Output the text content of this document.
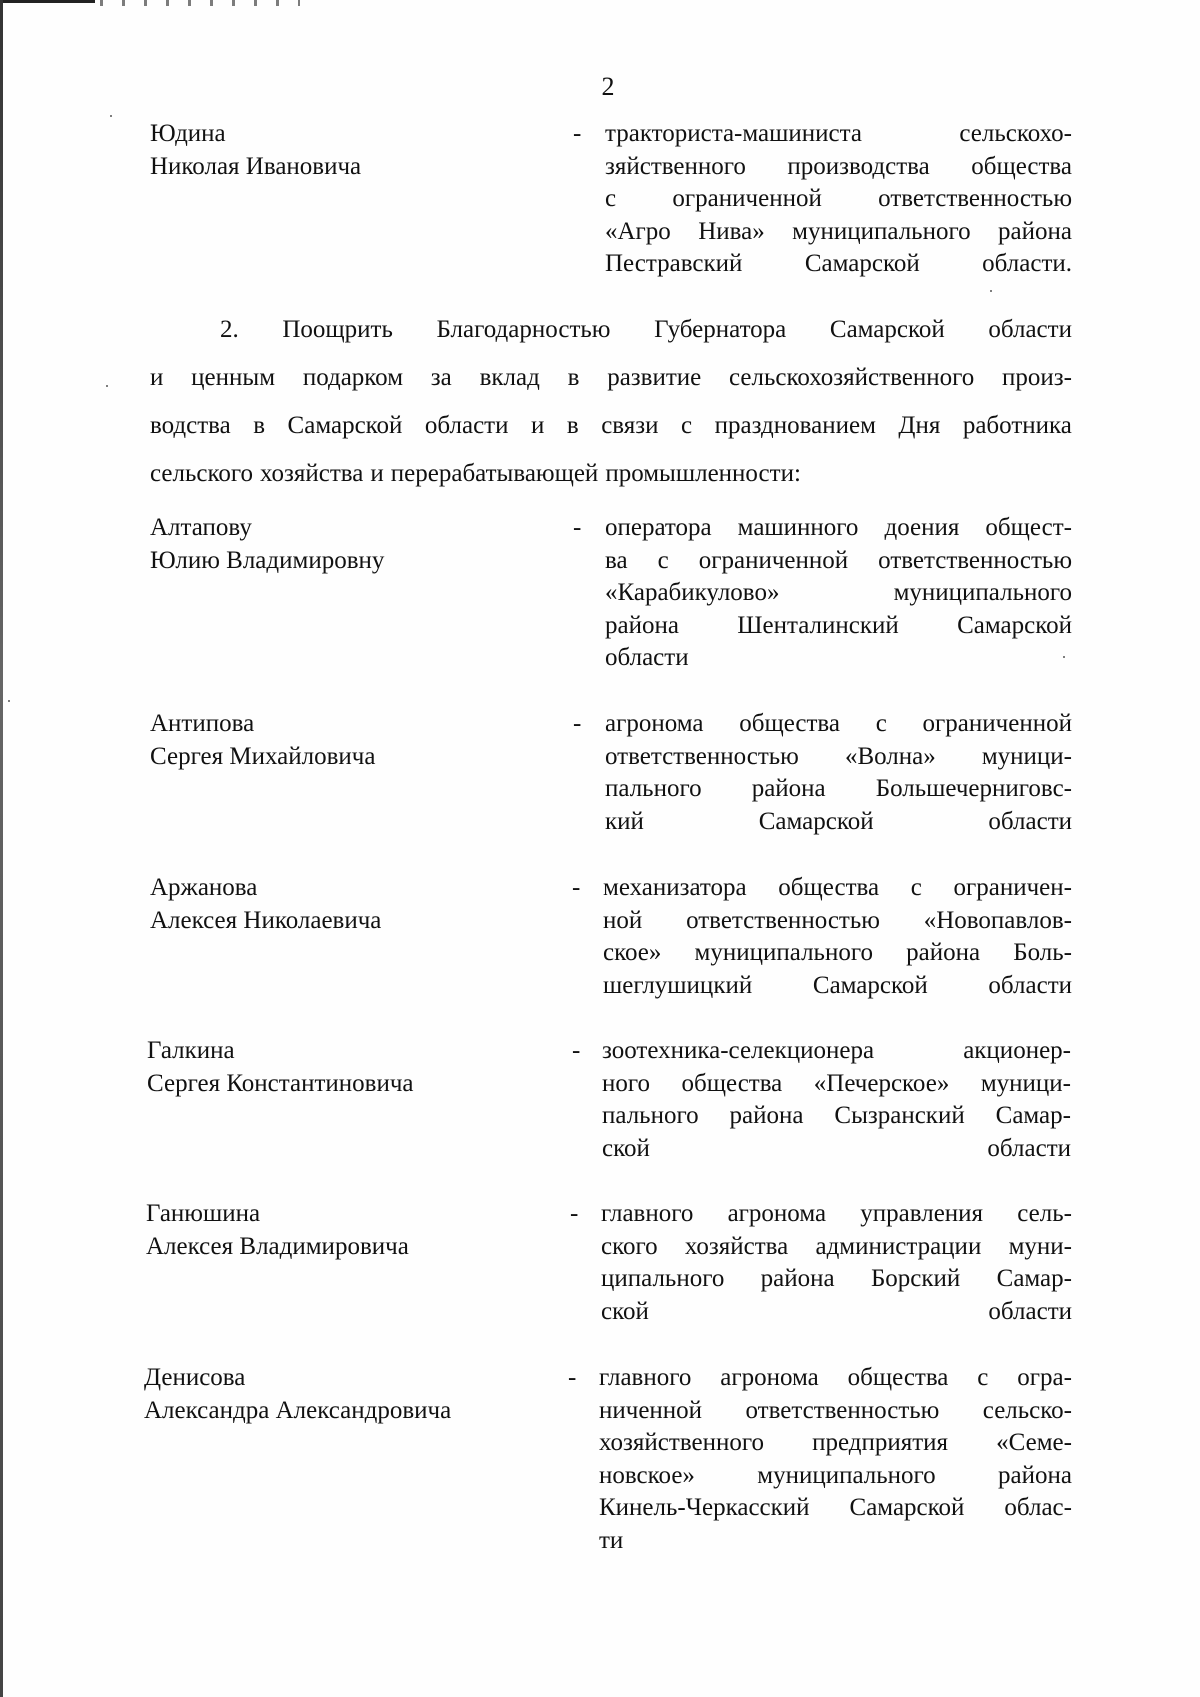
2
Юдина
Николая Ивановича
- тракториста-машиниста	сельскохо-
зяйственного производства общества
с ограниченной ответственностью
«Агро Нива» муниципального района
Пестравский Самарской области.
2. Поощрить Благодарностью Губернатора Самарской области
и ценным подарком за вклад в развитие сельскохозяйственного произ-
водства в Самарской области и в связи с празднованием Дня работника
сельского хозяйства и перерабатывающей промышленности:
Алтапову
Юлию Владимировну
- оператора машинного доения общест-
ва с ограниченной ответственностью
«Карабикулово»	муниципального
района Шенталинский Самарской
области
Антипова
Сергея Михайловича
- агронома общества с ограниченной
ответственностью «Волна» муници-
пального района Большечерниговс-
кий Самарской области
Аржанова
Алексея Николаевича
- механизатора общества с ограничен-
ной ответственностью «Новопавлов-
ское» муниципального района Боль-
шеглушицкий Самарской области
Галкина
Сергея Константиновича
- зоотехника-селекционера	акционер-
ного общества «Печерское» муници-
пального района Сызранский Самар-
ской области
Ганюшина
Алексея Владимировича
- главного агронома управления сель-
ского хозяйства администрации муни-
ципального района Борский Самар-
ской области
Денисова
Александра Александровича
- главного агронома общества с огра-
ниченной ответственностью сельско-
хозяйственного предприятия «Семе-
новское» муниципального района
Кинель-Черкасский Самарской облас-
ти
